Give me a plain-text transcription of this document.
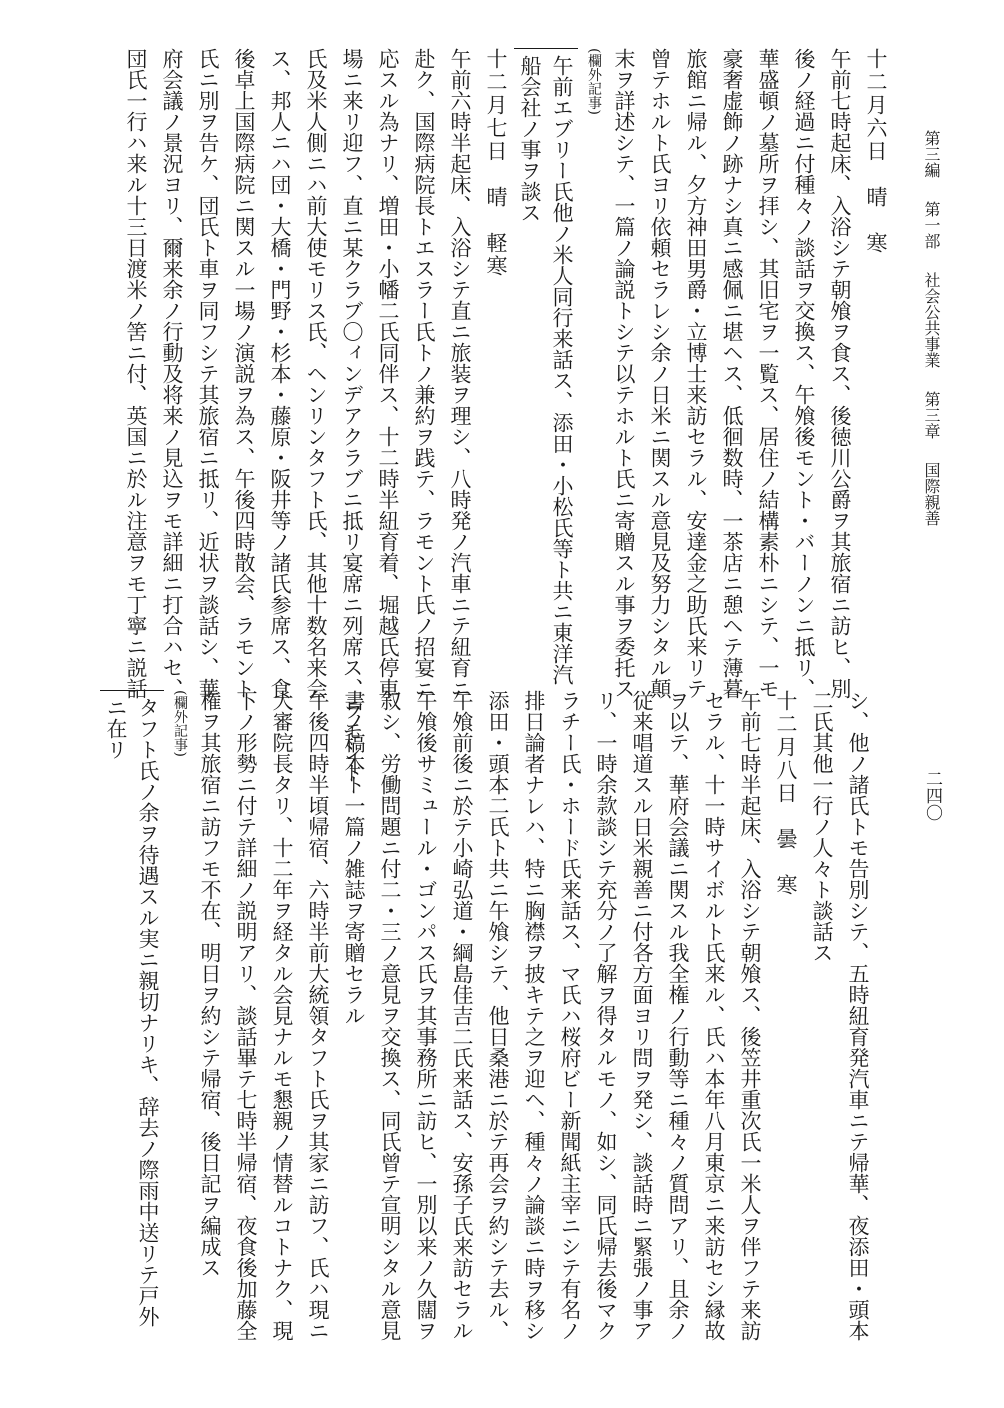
第三編 第一部 社会公共事業 第三章 国際親善
二四〇
十二月六日　晴　寒
午前七時起床、入浴シテ朝飧ヲ食ス、後徳川公爵ヲ其旅宿ニ訪ヒ、別
後ノ経過ニ付種々ノ談話ヲ交換ス、午飧後モント・バーノンニ抵リ、
華盛頓ノ墓所ヲ拝シ、其旧宅ヲ一覧ス、居住ノ結構素朴ニシテ、一モ
豪奢虚飾ノ跡ナシ真ニ感佩ニ堪ヘス、低徊数時、一茶店ニ憩ヘテ薄暮
旅館ニ帰ル、夕方神田男爵・立博士来訪セラル、安達金之助氏来リテ
曾テホルト氏ヨリ依頼セラレシ余ノ日米ニ関スル意見及努力シタル顛
末ヲ詳述シテ、一篇ノ論説トシテ以テホルト氏ニ寄贈スル事ヲ委托ス
(欄外記事)
午前エブリー氏他ノ米人同行来話ス、添田・小松氏等ト共ニ東洋汽
船会社ノ事ヲ談ス
十二月七日　晴　軽寒
午前六時半起床、入浴シテ直ニ旅装ヲ理シ、八時発ノ汽車ニテ紐育ニ
赴ク、国際病院長トエスラー氏トノ兼約ヲ践テ、ラモント氏ノ招宴ニ
応スル為ナリ、増田・小幡二氏同伴ス、十二時半紐育着、堀越氏停車
場ニ来リ迎フ、直ニ某クラブ〇ィンデアクラブニ抵リ宴席ニ列席ス、ラモント
氏及米人側ニハ前大使モリス氏、ヘンリンタフト氏、其他十数名来会
ス、邦人ニハ団・大橋・門野・杉本・藤原・阪井等ノ諸氏参席ス、食
後卓上国際病院ニ関スル一場ノ演説ヲ為ス、午後四時散会、ラモント
氏ニ別ヲ告ケ、団氏ト車ヲ同フシテ其旅宿ニ抵リ、近状ヲ談話シ、華
府会議ノ景況ヨリ、爾来余ノ行動及将来ノ見込ヲモ詳細ニ打合ハセ、
団氏一行ハ来ル十三日渡米ノ筈ニ付、英国ニ於ル注意ヲモ丁寧ニ説話
シ、他ノ諸氏トモ告別シテ、五時紐育発汽車ニテ帰華、夜添田・頭本
二氏其他一行ノ人々ト談話ス
十二月八日　曇　寒
午前七時半起床、入浴シテ朝飧ス、後笠井重次氏一米人ヲ伴フテ来訪
セラル、十一時サイボルト氏来ル、氏ハ本年八月東京ニ来訪セシ縁故
ヲ以テ、華府会議ニ関スル我全権ノ行動等ニ種々ノ質問アリ、且余ノ
従来唱道スル日米親善ニ付各方面ヨリ問ヲ発シ、談話時ニ緊張ノ事ア
リ、一時余款談シテ充分ノ了解ヲ得タルモノ、如シ、同氏帰去後マク
ラチー氏・ホード氏来話ス、マ氏ハ桜府ビー新聞紙主宰ニシテ有名ノ
排日論者ナレハ、特ニ胸襟ヲ披キテ之ヲ迎ヘ、種々ノ論談ニ時ヲ移シ
添田・頭本二氏ト共ニ午飧シテ、他日桑港ニ於テ再会ヲ約シテ去ル、
午飧前後ニ於テ小崎弘道・綱島佳吉二氏来話ス、安孫子氏来訪セラル
午飧後サミュール・ゴンパス氏ヲ其事務所ニ訪ヒ、一別以来ノ久闊ヲ
叙シ、労働問題ニ付二・三ノ意見ヲ交換ス、同氏曾テ宣明シタル意見
書ノ稿本ト一篇ノ雑誌ヲ寄贈セラル
午後四時半頃帰宿、六時半前大統領タフト氏ヲ其家ニ訪フ、氏ハ現ニ
大審院長タリ、十二年ヲ経タル会見ナルモ懇親ノ情替ルコトナク、現
下ノ形勢ニ付テ詳細ノ説明アリ、談話畢テ七時半帰宿、夜食後加藤全
権ヲ其旅宿ニ訪フモ不在、明日ヲ約シテ帰宿、後日記ヲ編成ス
(欄外記事)
タフト氏ノ余ヲ待遇スル実ニ親切ナリキ、辞去ノ際雨中送リテ戸外
ニ在リ
